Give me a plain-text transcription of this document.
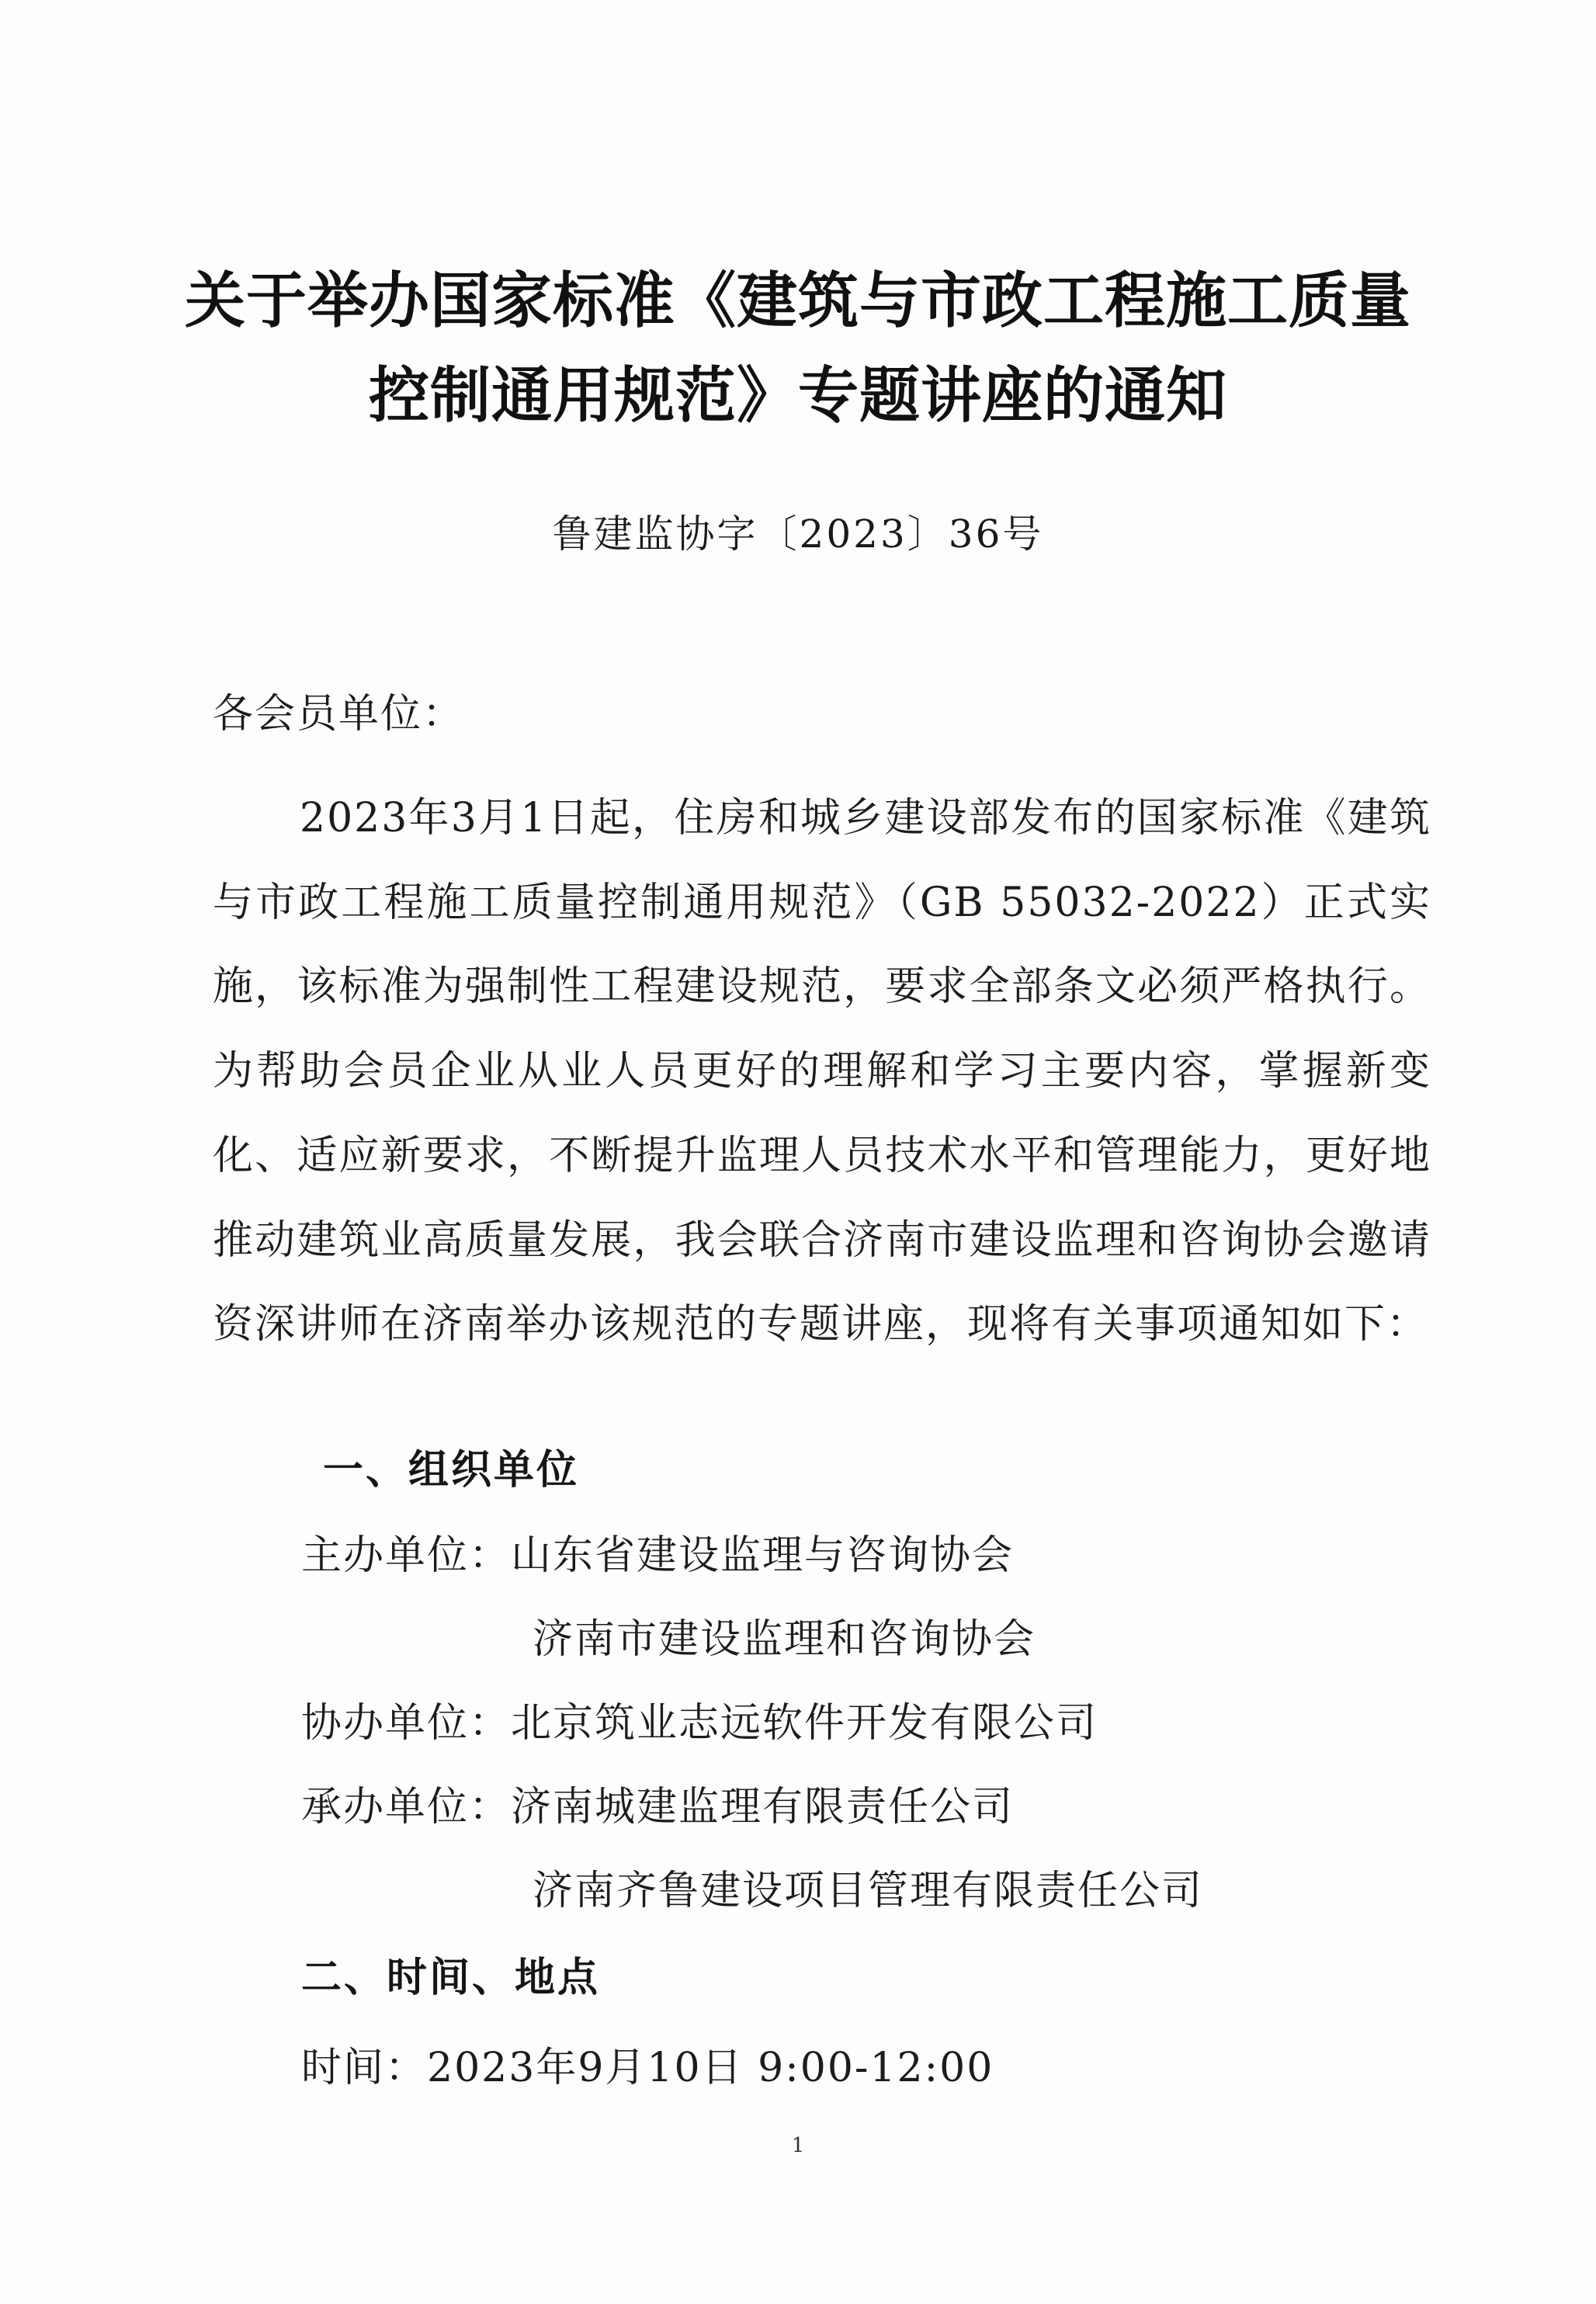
关于举办国家标准《建筑与市政工程施工质量
控制通用规范》专题讲座的通知
鲁建监协字〔2023〕36号
各会员单位：
2023年3月1日起，住房和城乡建设部发布的国家标准《建筑与市政工程施工质量控制通用规范》（GB 55032-2022）正式实施，该标准为强制性工程建设规范，要求全部条文必须严格执行。为帮助会员企业从业人员更好的理解和学习主要内容，掌握新变化、适应新要求，不断提升监理人员技术水平和管理能力，更好地推动建筑业高质量发展，我会联合济南市建设监理和咨询协会邀请资深讲师在济南举办该规范的专题讲座，现将有关事项通知如下：
一、组织单位
主办单位：山东省建设监理与咨询协会
济南市建设监理和咨询协会
协办单位：北京筑业志远软件开发有限公司
承办单位：济南城建监理有限责任公司
济南齐鲁建设项目管理有限责任公司
二、时间、地点
时间：2023年9月10日 9:00-12:00
1
